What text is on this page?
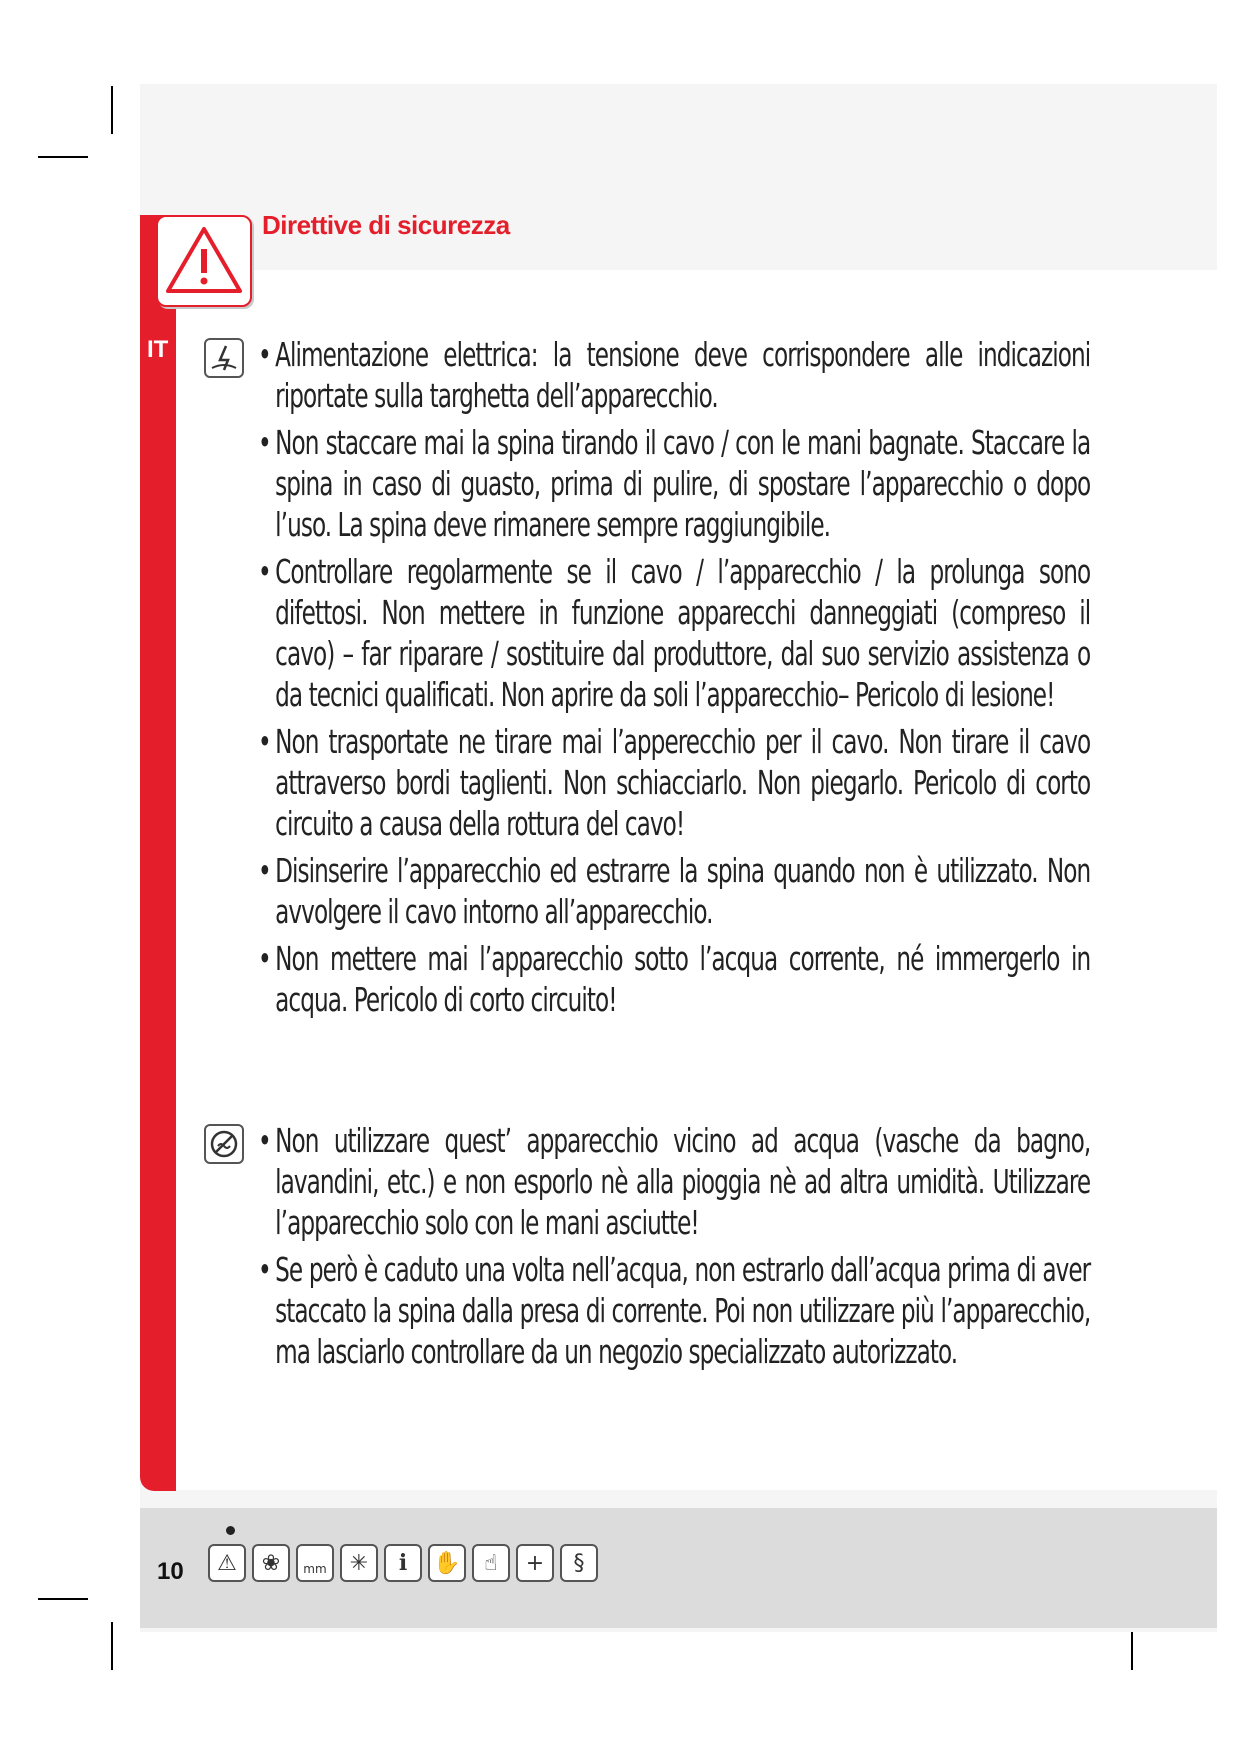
IT
Direttive di sicurezza
• Alimentazione elettrica: la tensione deve corrispondere alle indicazioni riportate sulla targhetta dell’apparecchio.
• Non staccare mai la spina tirando il cavo / con le mani bagnate. Staccare la spina in caso di guasto, prima di pulire, di spostare l’apparecchio o dopo l’uso. La spina deve rimanere sempre raggiungibile.
• Controllare regolarmente se il cavo / l’apparecchio / la prolunga sono difettosi. Non mettere in funzione apparecchi danneggiati (compreso il cavo) – far riparare / sostituire dal produttore, dal suo servizio assistenza o da tecnici qualificati. Non aprire da soli l’apparecchio– Pericolo di lesione!
• Non trasportate ne tirare mai l’apperecchio per il cavo. Non tirare il cavo attraverso bordi taglienti. Non schiacciarlo. Non piegarlo. Pericolo di corto circuito a causa della rottura del cavo!
• Disinserire l’apparecchio ed estrarre la spina quando non è utilizzato. Non avvolgere il cavo intorno all’apparecchio.
• Non mettere mai l’apparecchio sotto l’acqua corrente, né immergerlo in acqua. Pericolo di corto circuito!
• Non utilizzare quest’ apparecchio vicino ad acqua (vasche da bagno, lavandini, etc.) e non esporlo nè alla pioggia nè ad altra umidità. Utilizzare l’apparecchio solo con le mani asciutte!
• Se però è caduto una volta nell’acqua, non estrarlo dall’acqua prima di aver staccato la spina dalla presa di corrente. Poi non utilizzare più l’apparecchio, ma lasciarlo controllare da un negozio specializzato autorizzato.
10	⚠	❀	mm	✳	i	✋	☝	+	§
